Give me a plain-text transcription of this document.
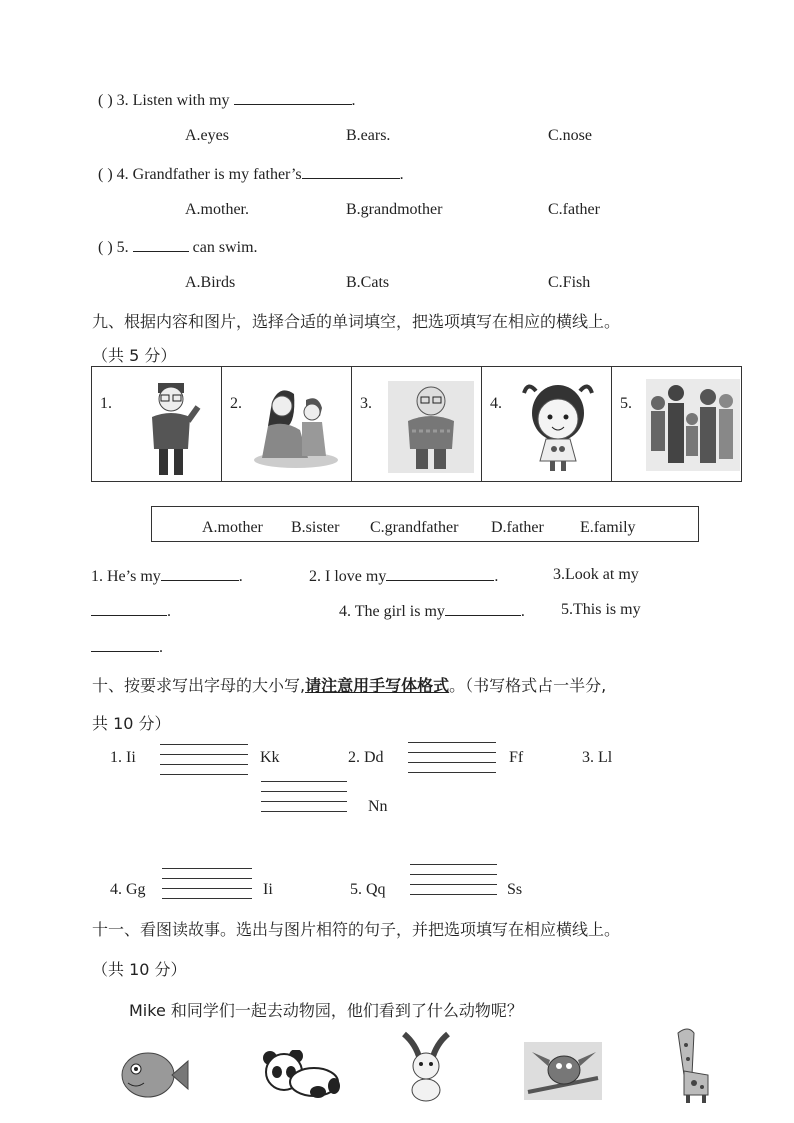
( ) 3. Listen with my	.
A.eyes	B.ears.	C.nose
( ) 4. Grandfather is my father’s	.
A.mother.	B.grandmother	C.father
( ) 5.	can swim.
A.Birds	B.Cats	C.Fish
九、根据内容和图片，选择合适的单词填空，把选项填写在相应的横线上。
（共 5 分）
1.	2.	3.	4.	5.
A.mother B.sister C.grandfather D.father E.family
1. He’s my	.	2. I love my	.	3.Look at my
.	4. The girl is my	. 5.This is my
.
十、按要求写出字母的大小写,请注意用手写体格式。（书写格式占一半分,
共 10 分）
1. Ii	Kk	2. Dd	Ff	3. Ll
Nn
4. Gg	Ii	5. Qq	Ss
十一、看图读故事。选出与图片相符的句子，并把选项填写在相应横线上。
（共 10 分）
Mike 和同学们一起去动物园，他们看到了什么动物呢？
